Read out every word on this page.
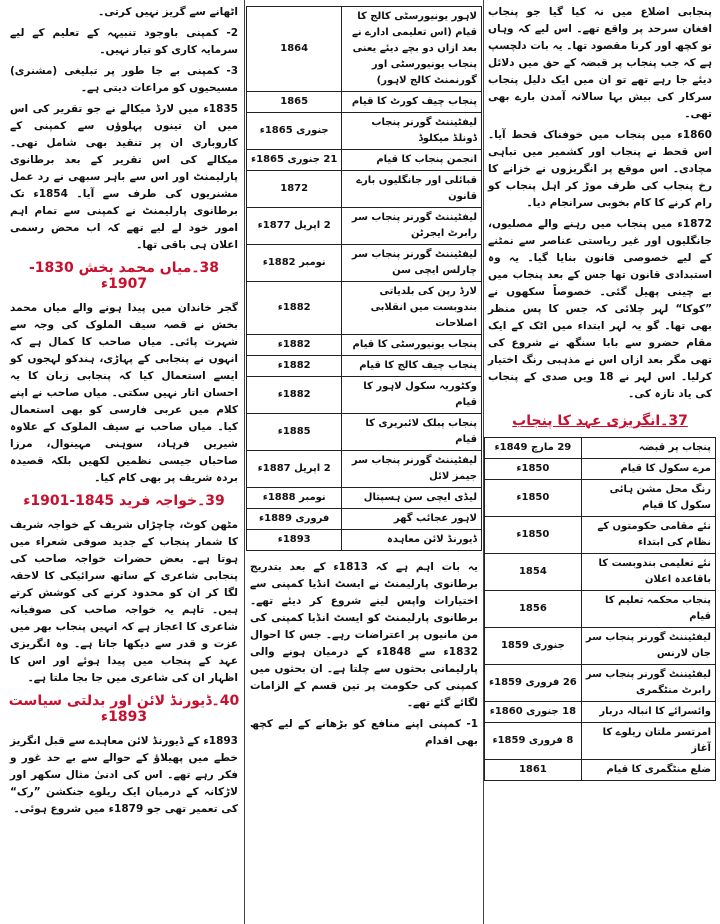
پنجابی اضلاع میں نہ کیا گیا جو پنجاب افغان سرحد پر واقع تھے۔ اس لیے کہ وہاں تو کچھ اور کرنا مقصود تھا۔ یہ بات دلچسپ ہے کہ جب پنجاب پر قبضہ کے حق میں دلائل دیئے جا رہے تھے تو ان میں ایک دلیل پنجاب سرکار کی بیش بہا سالانہ آمدن بارے بھی تھی۔

1860ء میں پنجاب میں خوفناک قحط آیا۔ اس قحط نے پنجاب اور کشمیر میں تباہی مچادی۔ اس موقع پر انگریزوں نے خزانے کا رخ پنجاب کی طرف موڑ کر اہل پنجاب کو رام کرنے کا کام بخوبی سرانجام دیا۔

1872ء میں پنجاب میں رہنے والے مصلیوں، جانگلیوں اور غیر ریاستی عناصر سے نمٹنے کے لیے خصوصی قانون بنایا گیا۔ یہ وہ استبدادی قانون تھا جس کے بعد پنجاب میں بے چینی پھیل گئی۔ خصوصاً سکھوں نے ”کوکا“ لہر چلائی کہ جس کا پس منظر بھی تھا۔ گو یہ لہر ابتداء میں اٹک کے ایک مقام حضرو سے بابا سنگھ نے شروع کی تھی مگر بعد ازاں اس نے مذہبی رنگ اختیار کرلیا۔ اس لہر نے 18 ویں صدی کے پنجاب کی یاد تازہ کی۔

37۔انگریزی عہد کا پنجاب
پنجاب پر قبضہ	29 مارچ 1849ء
مرے سکول کا قیام	1850ء
رنگ محل مشن ہائی سکول کا قیام	1850ء
نئے مقامی حکومتوں کے نظام کی ابتداء	1850ء
نئے تعلیمی بندوبست کا باقاعدہ اعلان	1854
پنجاب محکمہ تعلیم کا قیام	1856
لیفٹیننٹ گورنر پنجاب سر جان لارنس	جنوری 1859
لیفٹیننٹ گورنر پنجاب سر رابرٹ منٹگمری	26 فروری 1859ء
وائسرائے کا انبالہ دربار	18 جنوری 1860ء
امرتسر ملتان ریلوے کا آغاز	8 فروری 1859ء
ضلع منٹگمری کا قیام	1861
لاہور یونیورسٹی کالج کا قیام (اس تعلیمی ادارے نے بعد ازاں دو بچے دیئے یعنی پنجاب یونیورسٹی اور گورنمنٹ کالج لاہور)	1864
پنجاب چیف کورٹ کا قیام	1865
لیفٹیننٹ گورنر پنجاب ڈونلڈ میکلوڈ	جنوری 1865ء
انجمن پنجاب کا قیام	21 جنوری 1865ء
قبائلی اور جانگلیوں بارے قانون	1872
لیفٹیننٹ گورنر پنجاب سر رابرٹ ایجرٹن	2 اپریل 1877ء
لیفٹیننٹ گورنر پنجاب سر چارلس ایچی سن	نومبر 1882ء
لارڈ رپن کی بلدیاتی بندوبست میں انقلابی اصلاحات	1882ء
پنجاب یونیورسٹی کا قیام	1882ء
پنجاب چیف کالج کا قیام	1882ء
وکٹوریہ سکول لاہور کا قیام	1882ء
پنجاب پبلک لائبریری کا قیام	1885ء
لیفٹیننٹ گورنر پنجاب سر جیمز لائل	2 اپریل 1887ء
لیڈی ایچی سن ہسپتال	نومبر 1888ء
لاہور عجائب گھر	فروری 1889ء
ڈیورنڈ لائن معاہدہ	1893ء

یہ بات اہم ہے کہ 1813ء کے بعد بتدریج برطانوی پارلیمنٹ نے ایسٹ انڈیا کمپنی سے اختیارات واپس لینے شروع کر دیئے تھے۔ برطانوی پارلیمنٹ کو ایسٹ انڈیا کمپنی کی من مانیوں پر اعتراضات رہے۔ جس کا احوال 1832ء سے 1848ء کے درمیان ہونے والی پارلیمانی بحثوں سے چلتا ہے۔ ان بحثوں میں کمپنی کی حکومت پر تین قسم کے الزامات لگائے گئے تھے۔

1- کمپنی اپنے منافع کو بڑھانے کے لیے کچھ بھی اقدام

اٹھانے سے گریز نہیں کرتی۔

2- کمپنی باوجود تنبیہہ کے تعلیم کے لیے سرمایہ کاری کو تیار نہیں۔
3- کمپنی بے جا طور پر تبلیغی (مشنری) مسیحیوں کو مراعات دیتی ہے۔

1835ء میں لارڈ میکالے نے جو تقریر کی اس میں ان تینوں پہلوؤں سے کمپنی کے کاروباری ان پر تنقید بھی شامل تھی۔ میکالے کی اس تقریر کے بعد برطانوی پارلیمنٹ اور اس سے باہر سبھی نے رد عمل مشنریوں کی طرف سے آیا۔ 1854ء تک برطانوی پارلیمنٹ نے کمپنی سے تمام اہم امور خود لے لیے تھے کہ اب محض رسمی اعلان ہی باقی تھا۔

38۔میاں محمد بخش 1830-1907ء

گجر خاندان میں پیدا ہونے والے میاں محمد بخش نے قصہ سیف الملوک کی وجہ سے شہرت پائی۔ میاں صاحب کا کمال ہے کہ انہوں نے پنجابی کے پہاڑی، ہندکو لہجوں کو ایسے استعمال کیا کہ پنجابی زبان کا یہ احسان اتار نہیں سکتی۔ میاں صاحب نے اپنے کلام میں عربی فارسی کو بھی استعمال کیا۔ میاں صاحب نے سیف الملوک کے علاوہ شیریں فرہاد، سوہنی مہینوال، مرزا صاحباں جیسی نظمیں لکھیں بلکہ قصیدہ بردہ شریف پر بھی کام کیا۔

39۔خواجہ فرید 1845-1901ء

مٹھن کوٹ، چاچڑاں شریف کے خواجہ شریف کا شمار پنجاب کے جدید صوفی شعراء میں ہوتا ہے۔ بعض حضرات خواجہ صاحب کی پنجابی شاعری کے ساتھ سرائیکی کا لاحقہ لگا کر ان کو محدود کرنے کی کوشش کرتے ہیں۔ تاہم یہ خواجہ صاحب کی صوفیانہ شاعری کا اعجاز ہے کہ انہیں پنجاب بھر میں عزت و قدر سے دیکھا جاتا ہے۔ وہ انگریزی عہد کے پنجاب میں پیدا ہوئے اور اس کا اظہار ان کی شاعری میں جا بجا ملتا ہے۔

40۔ڈیورنڈ لائن اور بدلتی سیاست 1893ء

1893ء کے ڈیورنڈ لائن معاہدے سے قبل انگریز خطے میں پھیلاؤ کے حوالے سے بے حد غور و فکر رہے تھے۔ اس کی ادنیٰ مثال سکھر اور لاڑکانہ کے درمیان ایک ریلوے جنکشن ”رک“ کی تعمیر تھی جو 1879ء میں شروع ہوئی۔
